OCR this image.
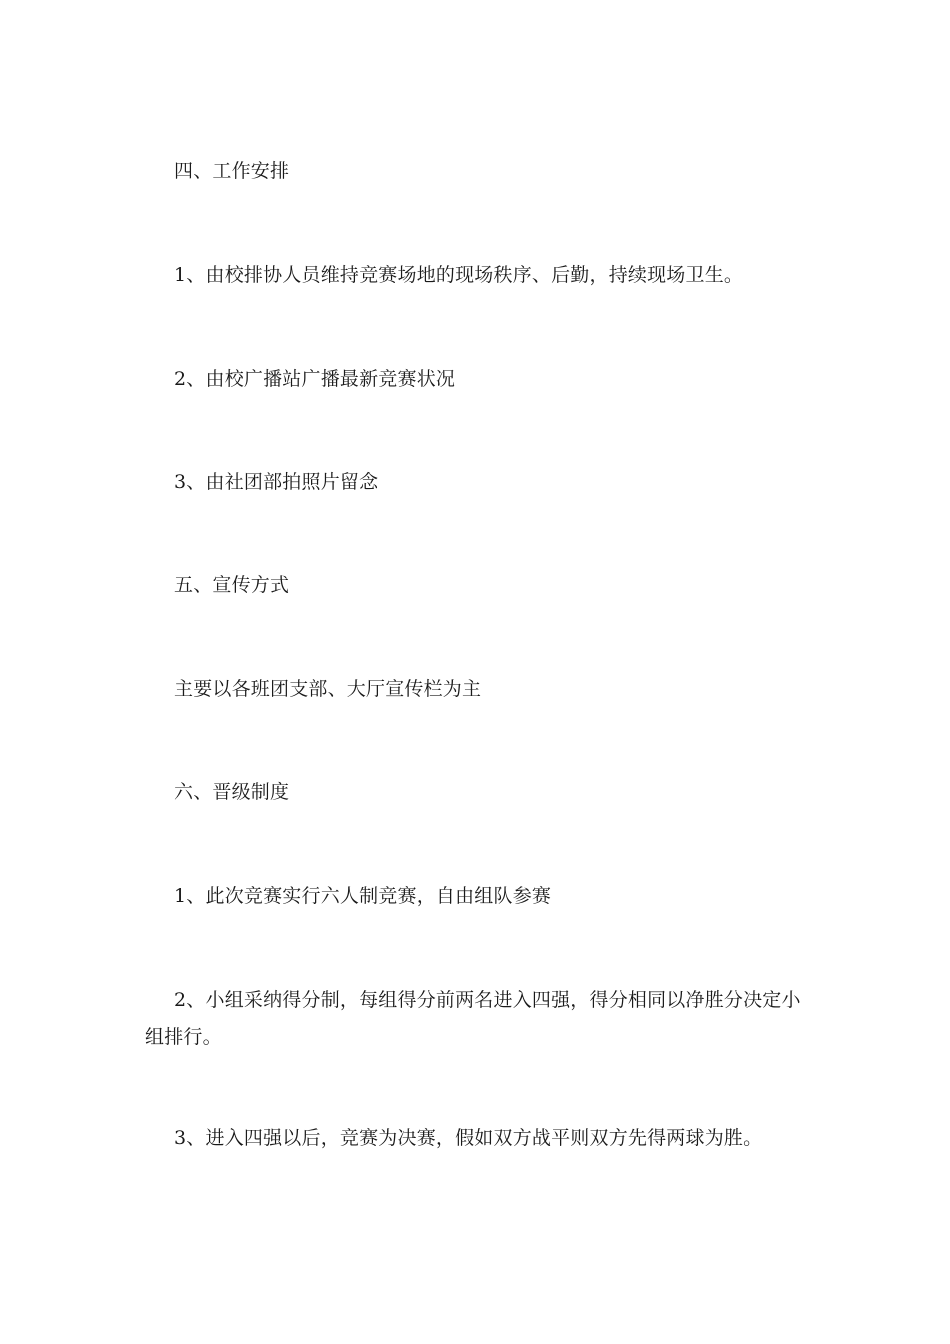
四、工作安排
1、由校排协人员维持竞赛场地的现场秩序、后勤，持续现场卫生。
2、由校广播站广播最新竞赛状况
3、由社团部拍照片留念
五、宣传方式
主要以各班团支部、大厅宣传栏为主
六、晋级制度
1、此次竞赛实行六人制竞赛，自由组队参赛
2、小组采纳得分制，每组得分前两名进入四强，得分相同以净胜分决定小组排行。
3、进入四强以后，竞赛为决赛，假如双方战平则双方先得两球为胜。
